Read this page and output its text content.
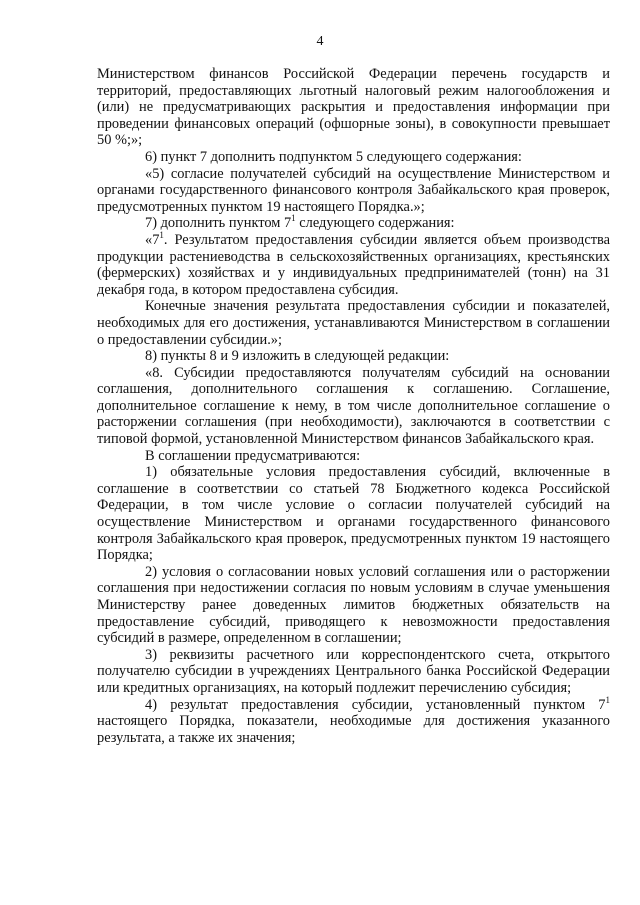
4

Министерством финансов Российской Федерации перечень государств и территорий, предоставляющих льготный налоговый режим налогообложения и (или) не предусматривающих раскрытия и предоставления информации при проведении финансовых операций (офшорные зоны), в совокупности превышает 50 %;»;

6) пункт 7 дополнить подпунктом 5 следующего содержания:

«5) согласие получателей субсидий на осуществление Министерством и органами государственного финансового контроля Забайкальского края проверок, предусмотренных пунктом 19 настоящего Порядка.»;

7) дополнить пунктом $7^1$ следующего содержания:

«$7^1$. Результатом предоставления субсидии является объем производства продукции растениеводства в сельскохозяйственных организациях, крестьянских (фермерских) хозяйствах и у индивидуальных предпринимателей (тонн) на 31 декабря года, в котором предоставлена субсидия.

Конечные значения результата предоставления субсидии и показателей, необходимых для его достижения, устанавливаются Министерством в соглашении о предоставлении субсидии.»;

8) пункты 8 и 9 изложить в следующей редакции:

«8. Субсидии предоставляются получателям субсидий на основании соглашения, дополнительного соглашения к соглашению. Соглашение, дополнительное соглашение к нему, в том числе дополнительное соглашение о расторжении соглашения (при необходимости), заключаются в соответствии с типовой формой, установленной Министерством финансов Забайкальского края.

В соглашении предусматриваются:

1) обязательные условия предоставления субсидий, включенные в соглашение в соответствии со статьей 78 Бюджетного кодекса Российской Федерации, в том числе условие о согласии получателей субсидий на осуществление Министерством и органами государственного финансового контроля Забайкальского края проверок, предусмотренных пунктом 19 настоящего Порядка;

2) условия о согласовании новых условий соглашения или о расторжении соглашения при недостижении согласия по новым условиям в случае уменьшения Министерству ранее доведенных лимитов бюджетных обязательств на предоставление субсидий, приводящего к невозможности предоставления субсидий в размере, определенном в соглашении;

3) реквизиты расчетного или корреспондентского счета, открытого получателю субсидии в учреждениях Центрального банка Российской Федерации или кредитных организациях, на который подлежит перечислению субсидия;

4) результат предоставления субсидии, установленный пунктом $7^1$ настоящего Порядка, показатели, необходимые для достижения указанного результата, а также их значения;
